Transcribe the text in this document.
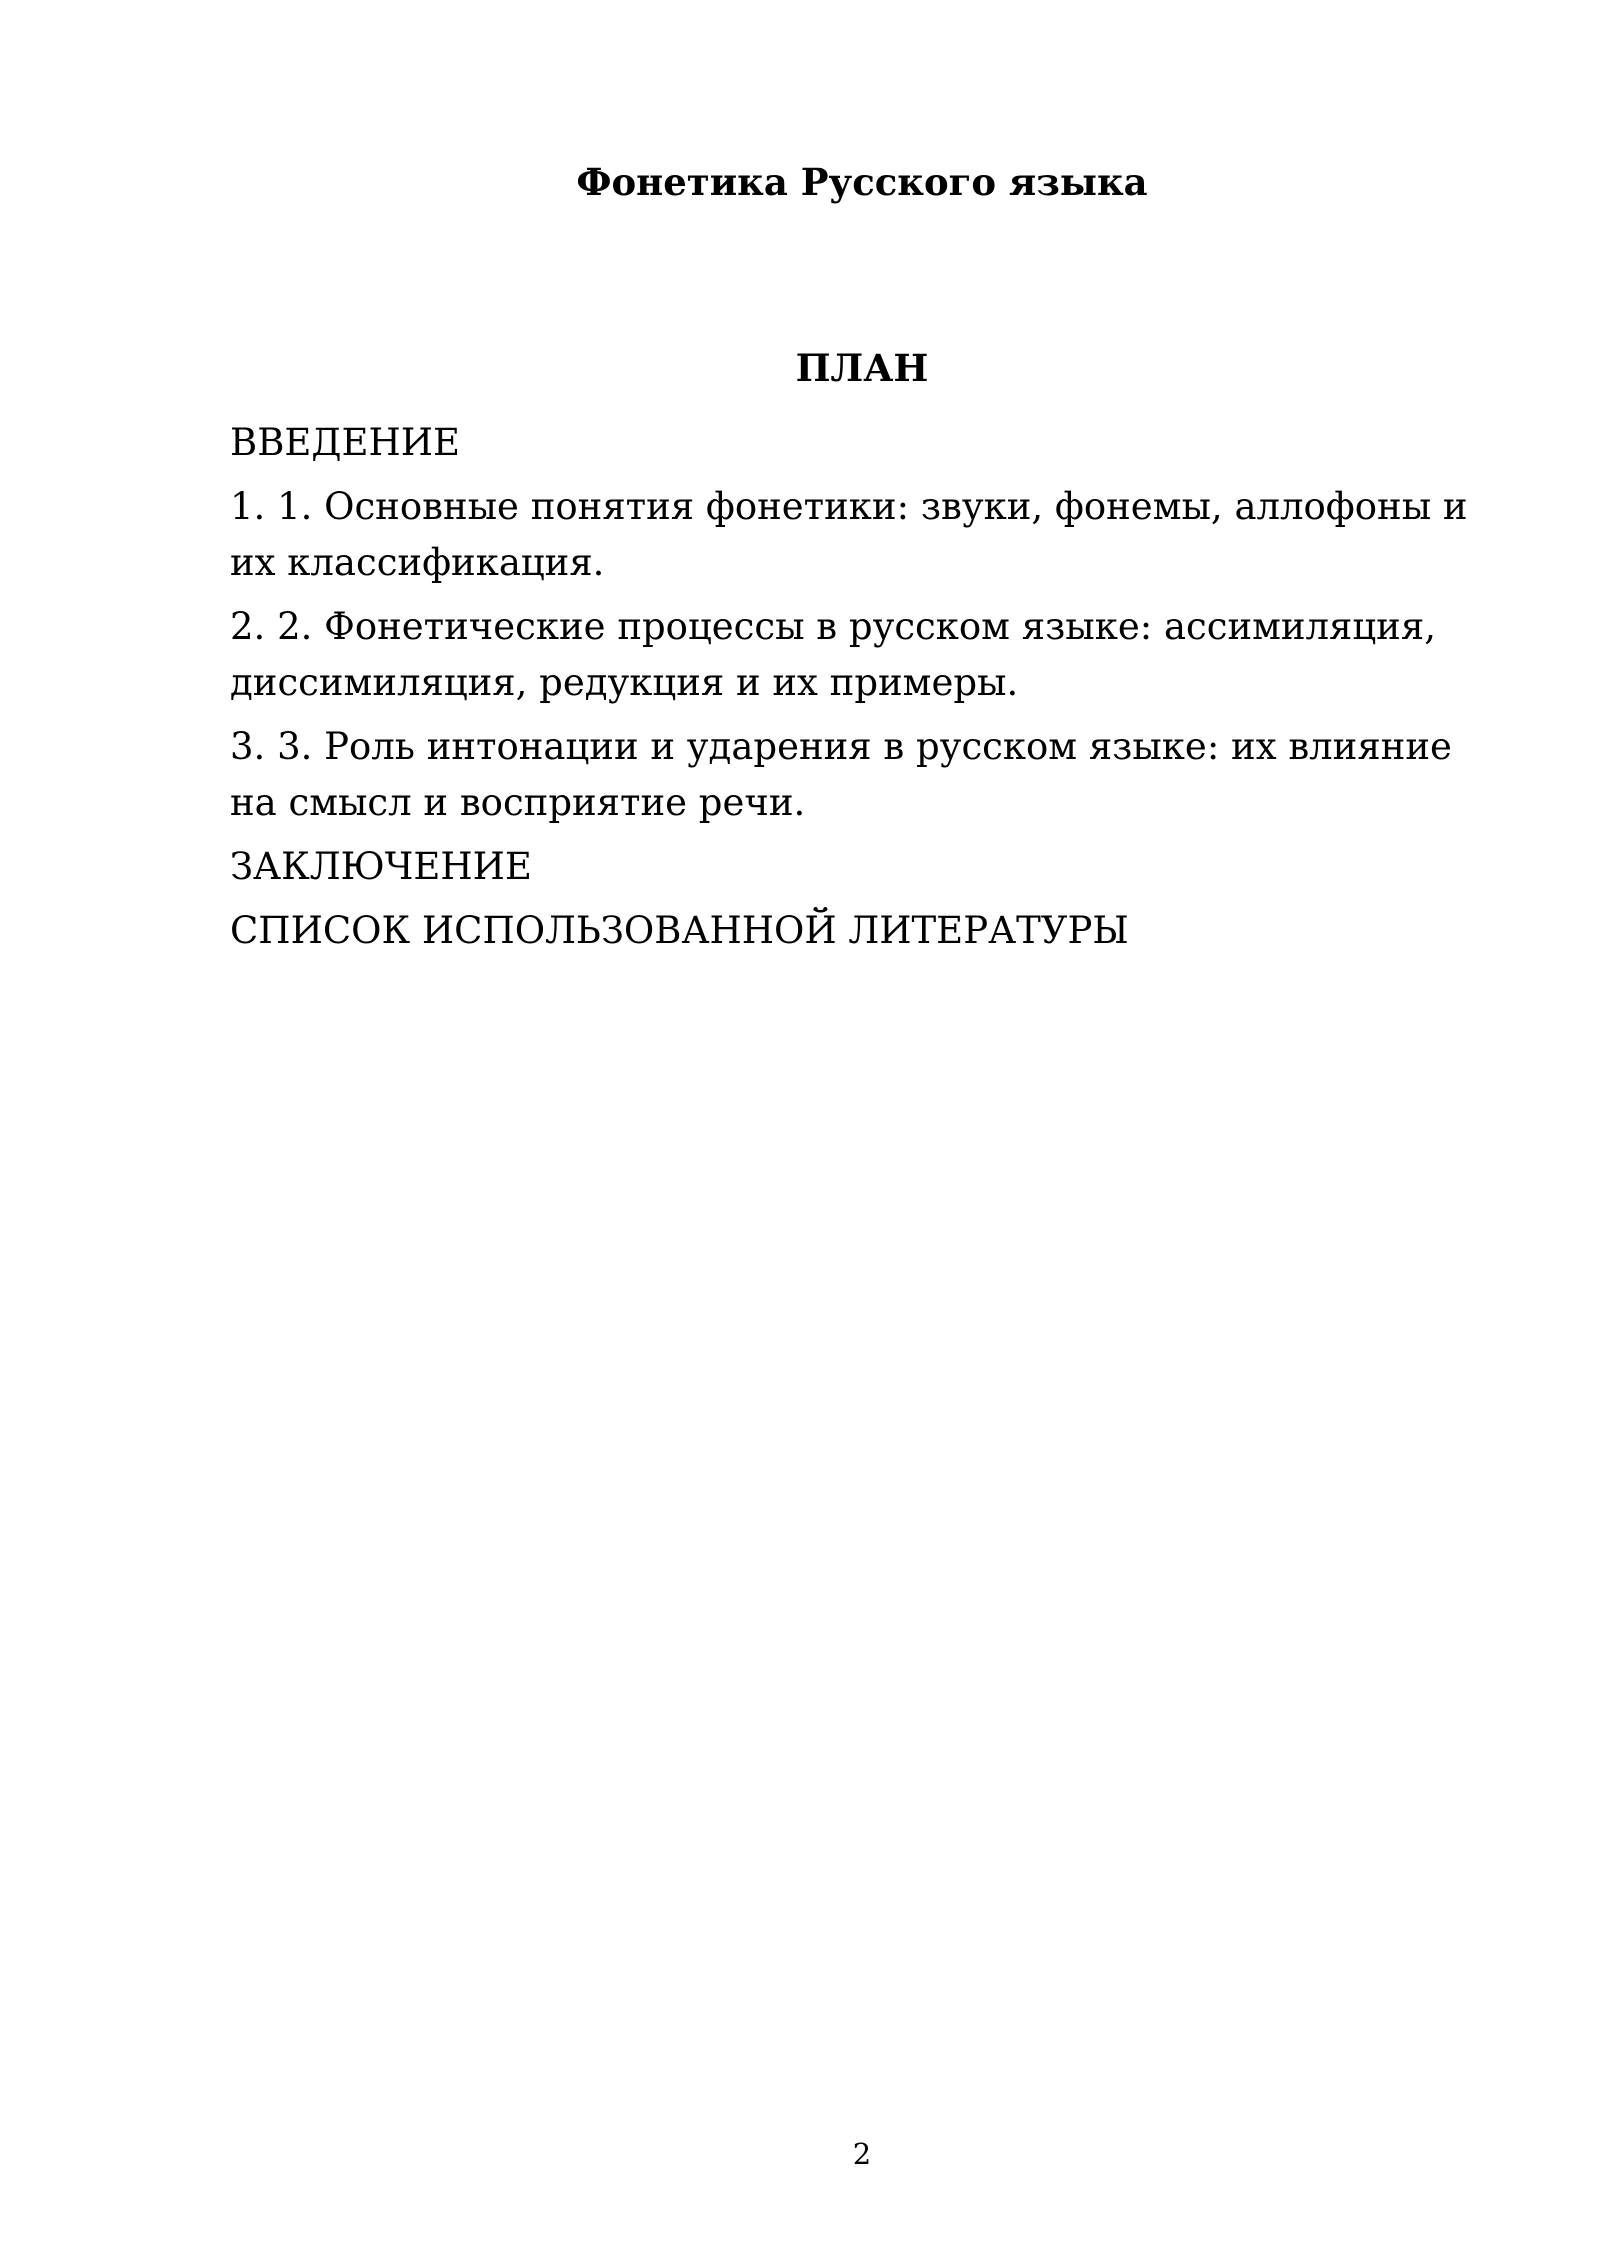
Фонетика Русского языка
ПЛАН

ВВЕДЕНИЕ

1. 1. Основные понятия фонетики: звуки, фонемы, аллофоны и их классификация.

2. 2. Фонетические процессы в русском языке: ассимиляция, диссимиляция, редукция и их примеры.

3. 3. Роль интонации и ударения в русском языке: их влияние на смысл и восприятие речи.

ЗАКЛЮЧЕНИЕ

СПИСОК ИСПОЛЬЗОВАННОЙ ЛИТЕРАТУРЫ

2
